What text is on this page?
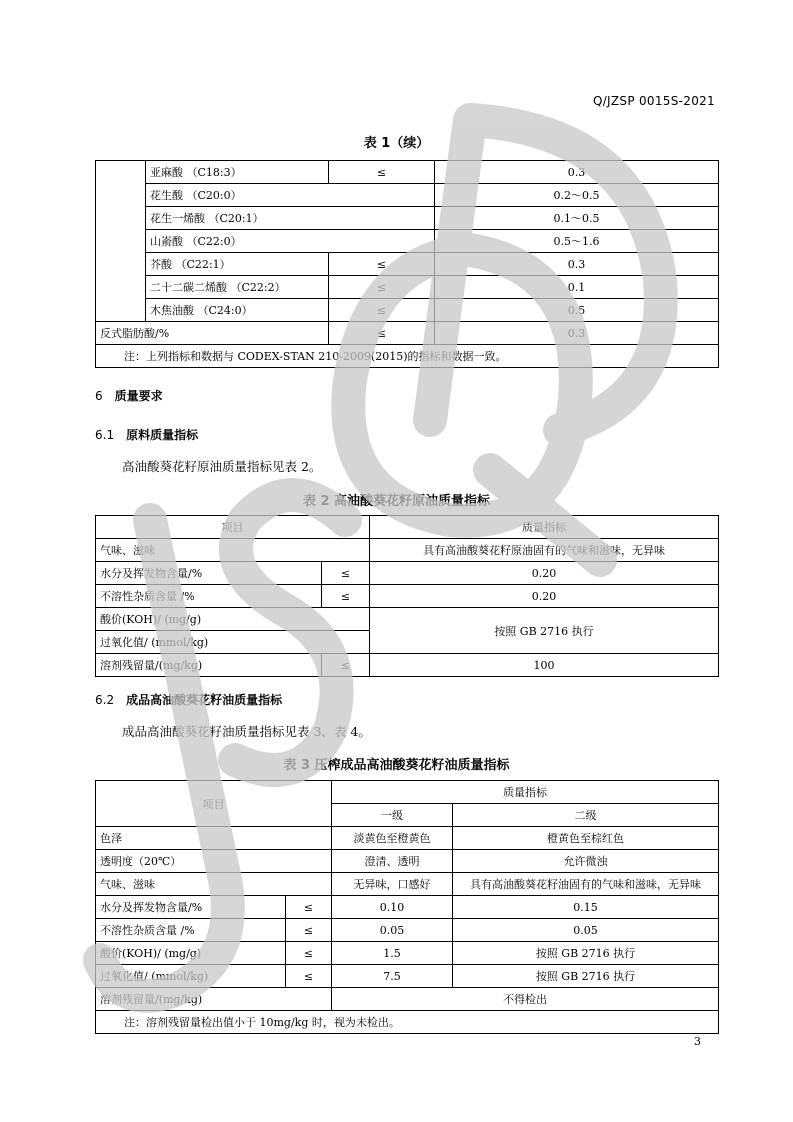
Q/JZSP 0015S-2021
表 1（续）
	亚麻酸 （C18:3）	≤	0.3
	花生酸 （C20:0）		0.2～0.5
	花生一烯酸 （C20:1）		0.1～0.5
	山嵛酸 （C22:0）		0.5～1.6
	芥酸 （C22:1）	≤	0.3
	二十二碳二烯酸 （C22:2）	≤	0.1
	木焦油酸 （C24:0）	≤	0.5
反式脂肪酸/%		≤	0.3
注：上列指标和数据与 CODEX-STAN 210-2009(2015)的指标和数据一致。			
6 质量要求
6.1 原料质量指标
高油酸葵花籽原油质量指标见表 2。
表 2 高油酸葵花籽原油质量指标
项目		质量指标
气味、滋味		具有高油酸葵花籽原油固有的气味和滋味，无异味
水分及挥发物含量/%	≤	0.20
不溶性杂质含量 /%	≤	0.20
酸价(KOH)/ (mg/g)		按照 GB 2716 执行
过氧化值/ (mmol/kg)		
溶剂残留量/(mg/kg)	≤	100
6.2 成品高油酸葵花籽油质量指标
成品高油酸葵花籽油质量指标见表 3、表 4。
表 3 压榨成品高油酸葵花籽油质量指标
项目		质量指标	
		一级	二级
色泽		淡黄色至橙黄色	橙黄色至棕红色
透明度（20℃）		澄清、透明	允许微浊
气味、滋味		无异味，口感好	具有高油酸葵花籽油固有的气味和滋味，无异味
水分及挥发物含量/%	≤	0.10	0.15
不溶性杂质含量 /%	≤	0.05	0.05
酸价(KOH)/ (mg/g)	≤	1.5	按照 GB 2716 执行
过氧化值/ (mmol/kg)	≤	7.5	按照 GB 2716 执行
溶剂残留量/(mg/kg)		不得检出	
注：溶剂残留量检出值小于 10mg/kg 时，视为未检出。			
3
